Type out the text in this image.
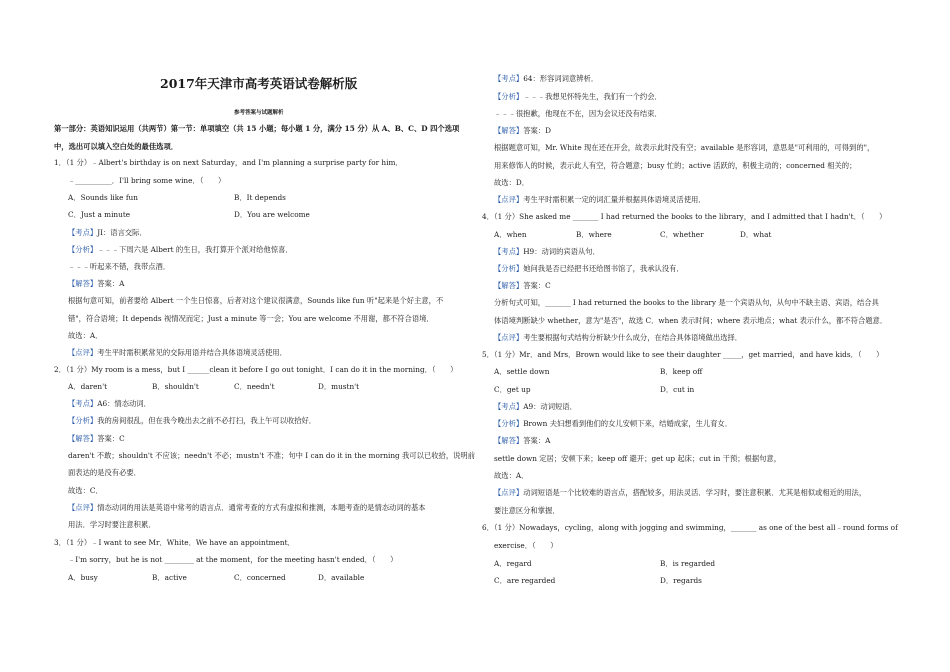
2017年天津市高考英语试卷解析版
参考答案与试题解析
第一部分：英语知识运用（共两节）第一节：单项填空（共 15 小题；每小题 1 分，满分 15 分）从 A、B、C、D 四个选项
中，选出可以填入空白处的最佳选项．
1．（1 分）﹣Albert's birthday is on next Saturday，and I'm planning a surprise party for him．
﹣__________．I'll bring some wine．（　　）
A．Sounds like fun	B．It depends
C．Just a minute	D．You are welcome
【考点】JI：语言交际．
【分析】﹣﹣﹣下周六是 Albert 的生日，我打算开个派对给他惊喜．
﹣﹣﹣听起来不错，我带点酒．
【解答】答案：A
根据句意可知，前者要给 Albert 一个生日惊喜，后者对这个建议很满意，Sounds like fun 听"起来是个好主意，不
错"，符合语境；It depends 视情况而定；Just a minute 等一会；You are welcome 不用谢，都不符合语境．
故选：A．
【点评】考生平时需积累常见的交际用语并结合具体语境灵活使用．
2．（1 分）My room is a mess，but I ______clean it before I go out tonight．I can do it in the morning．（　　）
A．daren't	B．shouldn't	C．needn't	D．mustn't
【考点】A6：情态动词．
【分析】我的房间很乱，但在我今晚出去之前不必打扫，我上午可以收拾好．
【解答】答案：C
daren't 不敢；shouldn't 不应该；needn't 不必；mustn't 不准；句中 I can do it in the morning 我可以已收拾，说明前
面表达的是没有必要．
故选：C．
【点评】情态动词的用法是英语中常考的语言点．通常考查的方式有虚拟和推测，本题考查的是情态动词的基本
用法．学习时要注意积累．
3．（1 分）﹣I want to see Mr．White．We have an appointment．
﹣I'm sorry，but he is not ________ at the moment，for the meeting hasn't ended．（　　）
A．busy	B．active	C．concerned	D．available
【考点】64：形容词词意辨析．
【分析】﹣﹣﹣我想见怀特先生，我们有一个约会．
﹣﹣﹣很抱歉，他现在不在，因为会议还没有结束．
【解答】答案：D
根据题意可知，Mr. White 现在还在开会，故表示此时没有空；available 是形容词，意思是"可利用的，可得到的"，
用来修饰人的时候，表示此人有空，符合题意；busy 忙的；active 活跃的，积极主动的；concerned 相关的；
故选：D．
【点评】考生平时需积累一定的词汇量并根据具体语境灵活使用．
4．（1 分）She asked me _______ I had returned the books to the library，and I admitted that I hadn't．（　　）
A．when	B．where	C．whether	D．what
【考点】H9：动词的宾语从句．
【分析】她问我是否已经把书还给图书馆了，我承认没有．
【解答】答案：C
分析句式可知，_______ I had returned the books to the library 是一个宾语从句，从句中不缺主语、宾语，结合具
体语境判断缺少 whether，意为"是否"，故选 C．when 表示时间；where 表示地点；what 表示什么，都不符合题意．
【点评】考生要根据句式结构分析缺少什么成分，在结合具体语境做出选择．
5．（1 分）Mr．and Mrs．Brown would like to see their daughter _____，get married，and have kids．（　　）
A．settle down	B．keep off
C．get up	D．cut in
【考点】A9：动词短语．
【分析】Brown 夫妇想看到他们的女儿安顿下来，结婚成家，生儿育女．
【解答】答案：A
settle down 定居；安顿下来；keep off 避开；get up 起床；cut in 干预；根据句意，
故选：A．
【点评】动词短语是一个比较难的语言点，搭配较多，用法灵活．学习时，要注意积累．尤其是相似或相近的用法，
要注意区分和掌握．
6．（1 分）Nowadays，cycling，along with jogging and swimming，_______ as one of the best all﹣round forms of
exercise．（　　）
A．regard	B．is regarded
C．are regarded	D．regards
